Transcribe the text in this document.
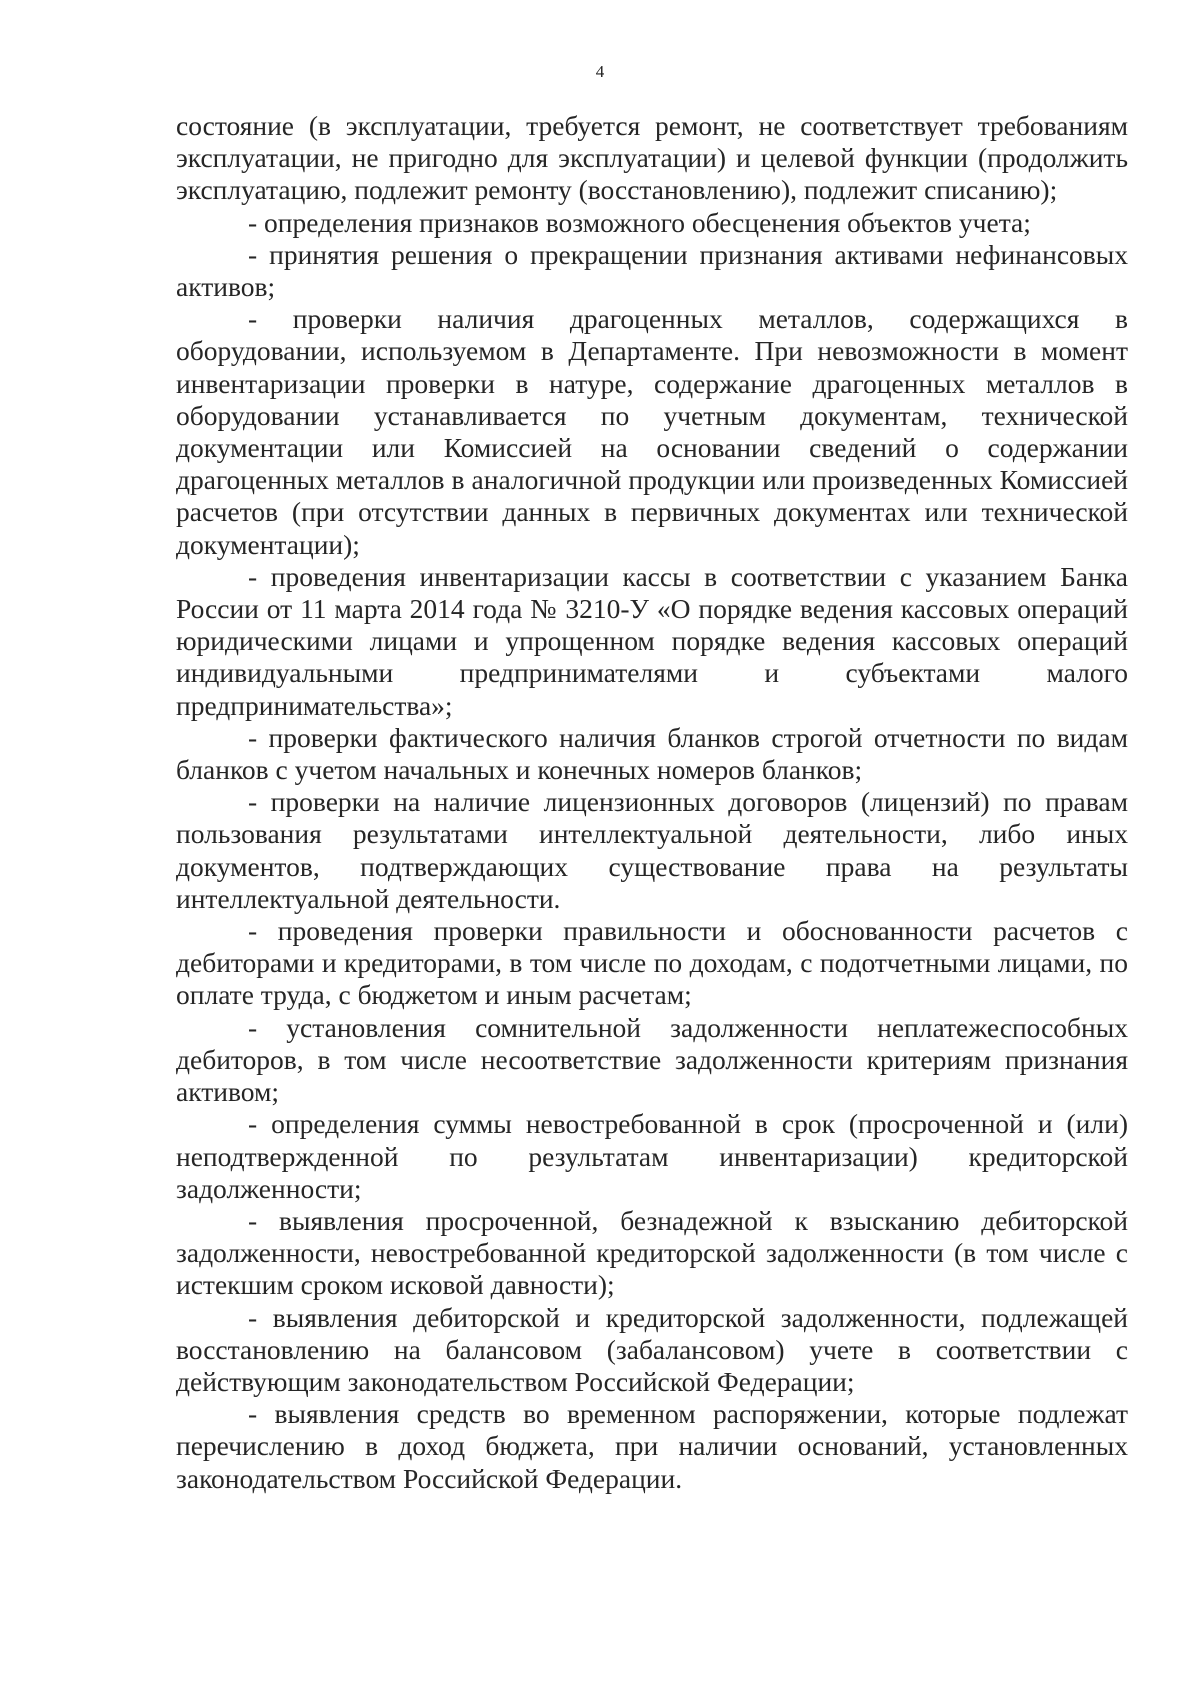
4

состояние (в эксплуатации, требуется ремонт, не соответствует требованиям эксплуатации, не пригодно для эксплуатации) и целевой функции (продолжить эксплуатацию, подлежит ремонту (восстановлению), подлежит списанию);

- определения признаков возможного обесценения объектов учета;

- принятия решения о прекращении признания активами нефинансовых активов;

- проверки наличия драгоценных металлов, содержащихся в оборудовании, используемом в Департаменте. При невозможности в момент инвентаризации проверки в натуре, содержание драгоценных металлов в оборудовании устанавливается по учетным документам, технической документации или Комиссией на основании сведений о содержании драгоценных металлов в аналогичной продукции или произведенных Комиссией расчетов (при отсутствии данных в первичных документах или технической документации);

- проведения инвентаризации кассы в соответствии с указанием Банка России от 11 марта 2014 года № 3210-У «О порядке ведения кассовых операций юридическими лицами и упрощенном порядке ведения кассовых операций индивидуальными предпринимателями и субъектами малого предпринимательства»;

- проверки фактического наличия бланков строгой отчетности по видам бланков с учетом начальных и конечных номеров бланков;

- проверки на наличие лицензионных договоров (лицензий) по правам пользования результатами интеллектуальной деятельности, либо иных документов, подтверждающих существование права на результаты интеллектуальной деятельности.

- проведения проверки правильности и обоснованности расчетов с дебиторами и кредиторами, в том числе по доходам, с подотчетными лицами, по оплате труда, с бюджетом и иным расчетам;

- установления сомнительной задолженности неплатежеспособных дебиторов, в том числе несоответствие задолженности критериям признания активом;

- определения суммы невостребованной в срок (просроченной и (или) неподтвержденной по результатам инвентаризации) кредиторской задолженности;

- выявления просроченной, безнадежной к взысканию дебиторской задолженности, невостребованной кредиторской задолженности (в том числе с истекшим сроком исковой давности);

- выявления дебиторской и кредиторской задолженности, подлежащей восстановлению на балансовом (забалансовом) учете в соответствии с действующим законодательством Российской Федерации;

- выявления средств во временном распоряжении, которые подлежат перечислению в доход бюджета, при наличии оснований, установленных законодательством Российской Федерации.
